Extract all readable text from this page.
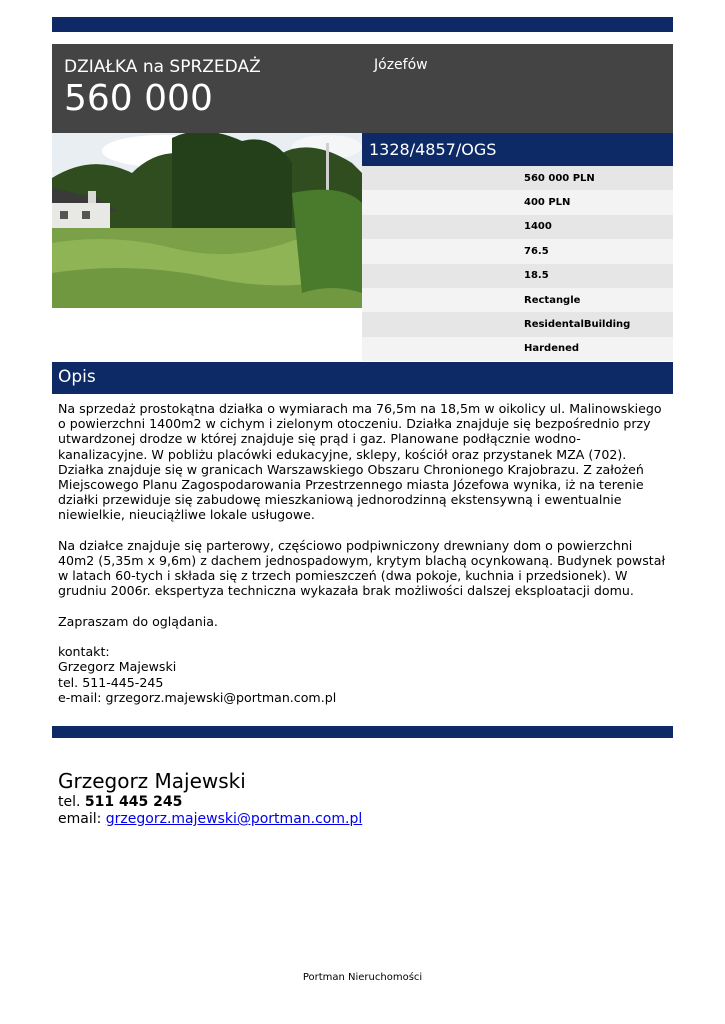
DZIAŁKA na SPRZEDAŻ
560 000
Józefów
1328/4857/OGS
560 000 PLN
400 PLN
1400
76.5
18.5
Rectangle
ResidentalBuilding
Hardened
Opis

Na sprzedaż prostokątna działka o wymiarach ma 76,5m na 18,5m w oikolicy ul. Malinowskiego o powierzchni 1400m2 w cichym i zielonym otoczeniu. Działka znajduje się bezpośrednio przy utwardzonej drodze w której znajduje się prąd i gaz. Planowane podłącznie wodno-kanalizacyjne. W pobliżu placówki edukacyjne, sklepy, kościół oraz przystanek MZA (702). Działka znajduje się w granicach Warszawskiego Obszaru Chronionego Krajobrazu. Z założeń Miejscowego Planu Zagospodarowania Przestrzennego miasta Józefowa wynika, iż na terenie działki przewiduje się zabudowę mieszkaniową jednorodzinną ekstensywną i ewentualnie niewielkie, nieuciążliwe lokale usługowe.

Na działce znajduje się parterowy, częściowo podpiwniczony drewniany dom o powierzchni 40m2 (5,35m x 9,6m) z dachem jednospadowym, krytym blachą ocynkowaną. Budynek powstał w latach 60-tych i składa się z trzech pomieszczeń (dwa pokoje, kuchnia i przedsionek). W grudniu 2006r. ekspertyza techniczna wykazała brak możliwości dalszej eksploatacji domu.

Zapraszam do oglądania.

kontakt:
Grzegorz Majewski
tel. 511-445-245
e-mail: grzegorz.majewski@portman.com.pl
Grzegorz Majewski
tel. 511 445 245
email: grzegorz.majewski@portman.com.pl
Portman Nieruchomości
